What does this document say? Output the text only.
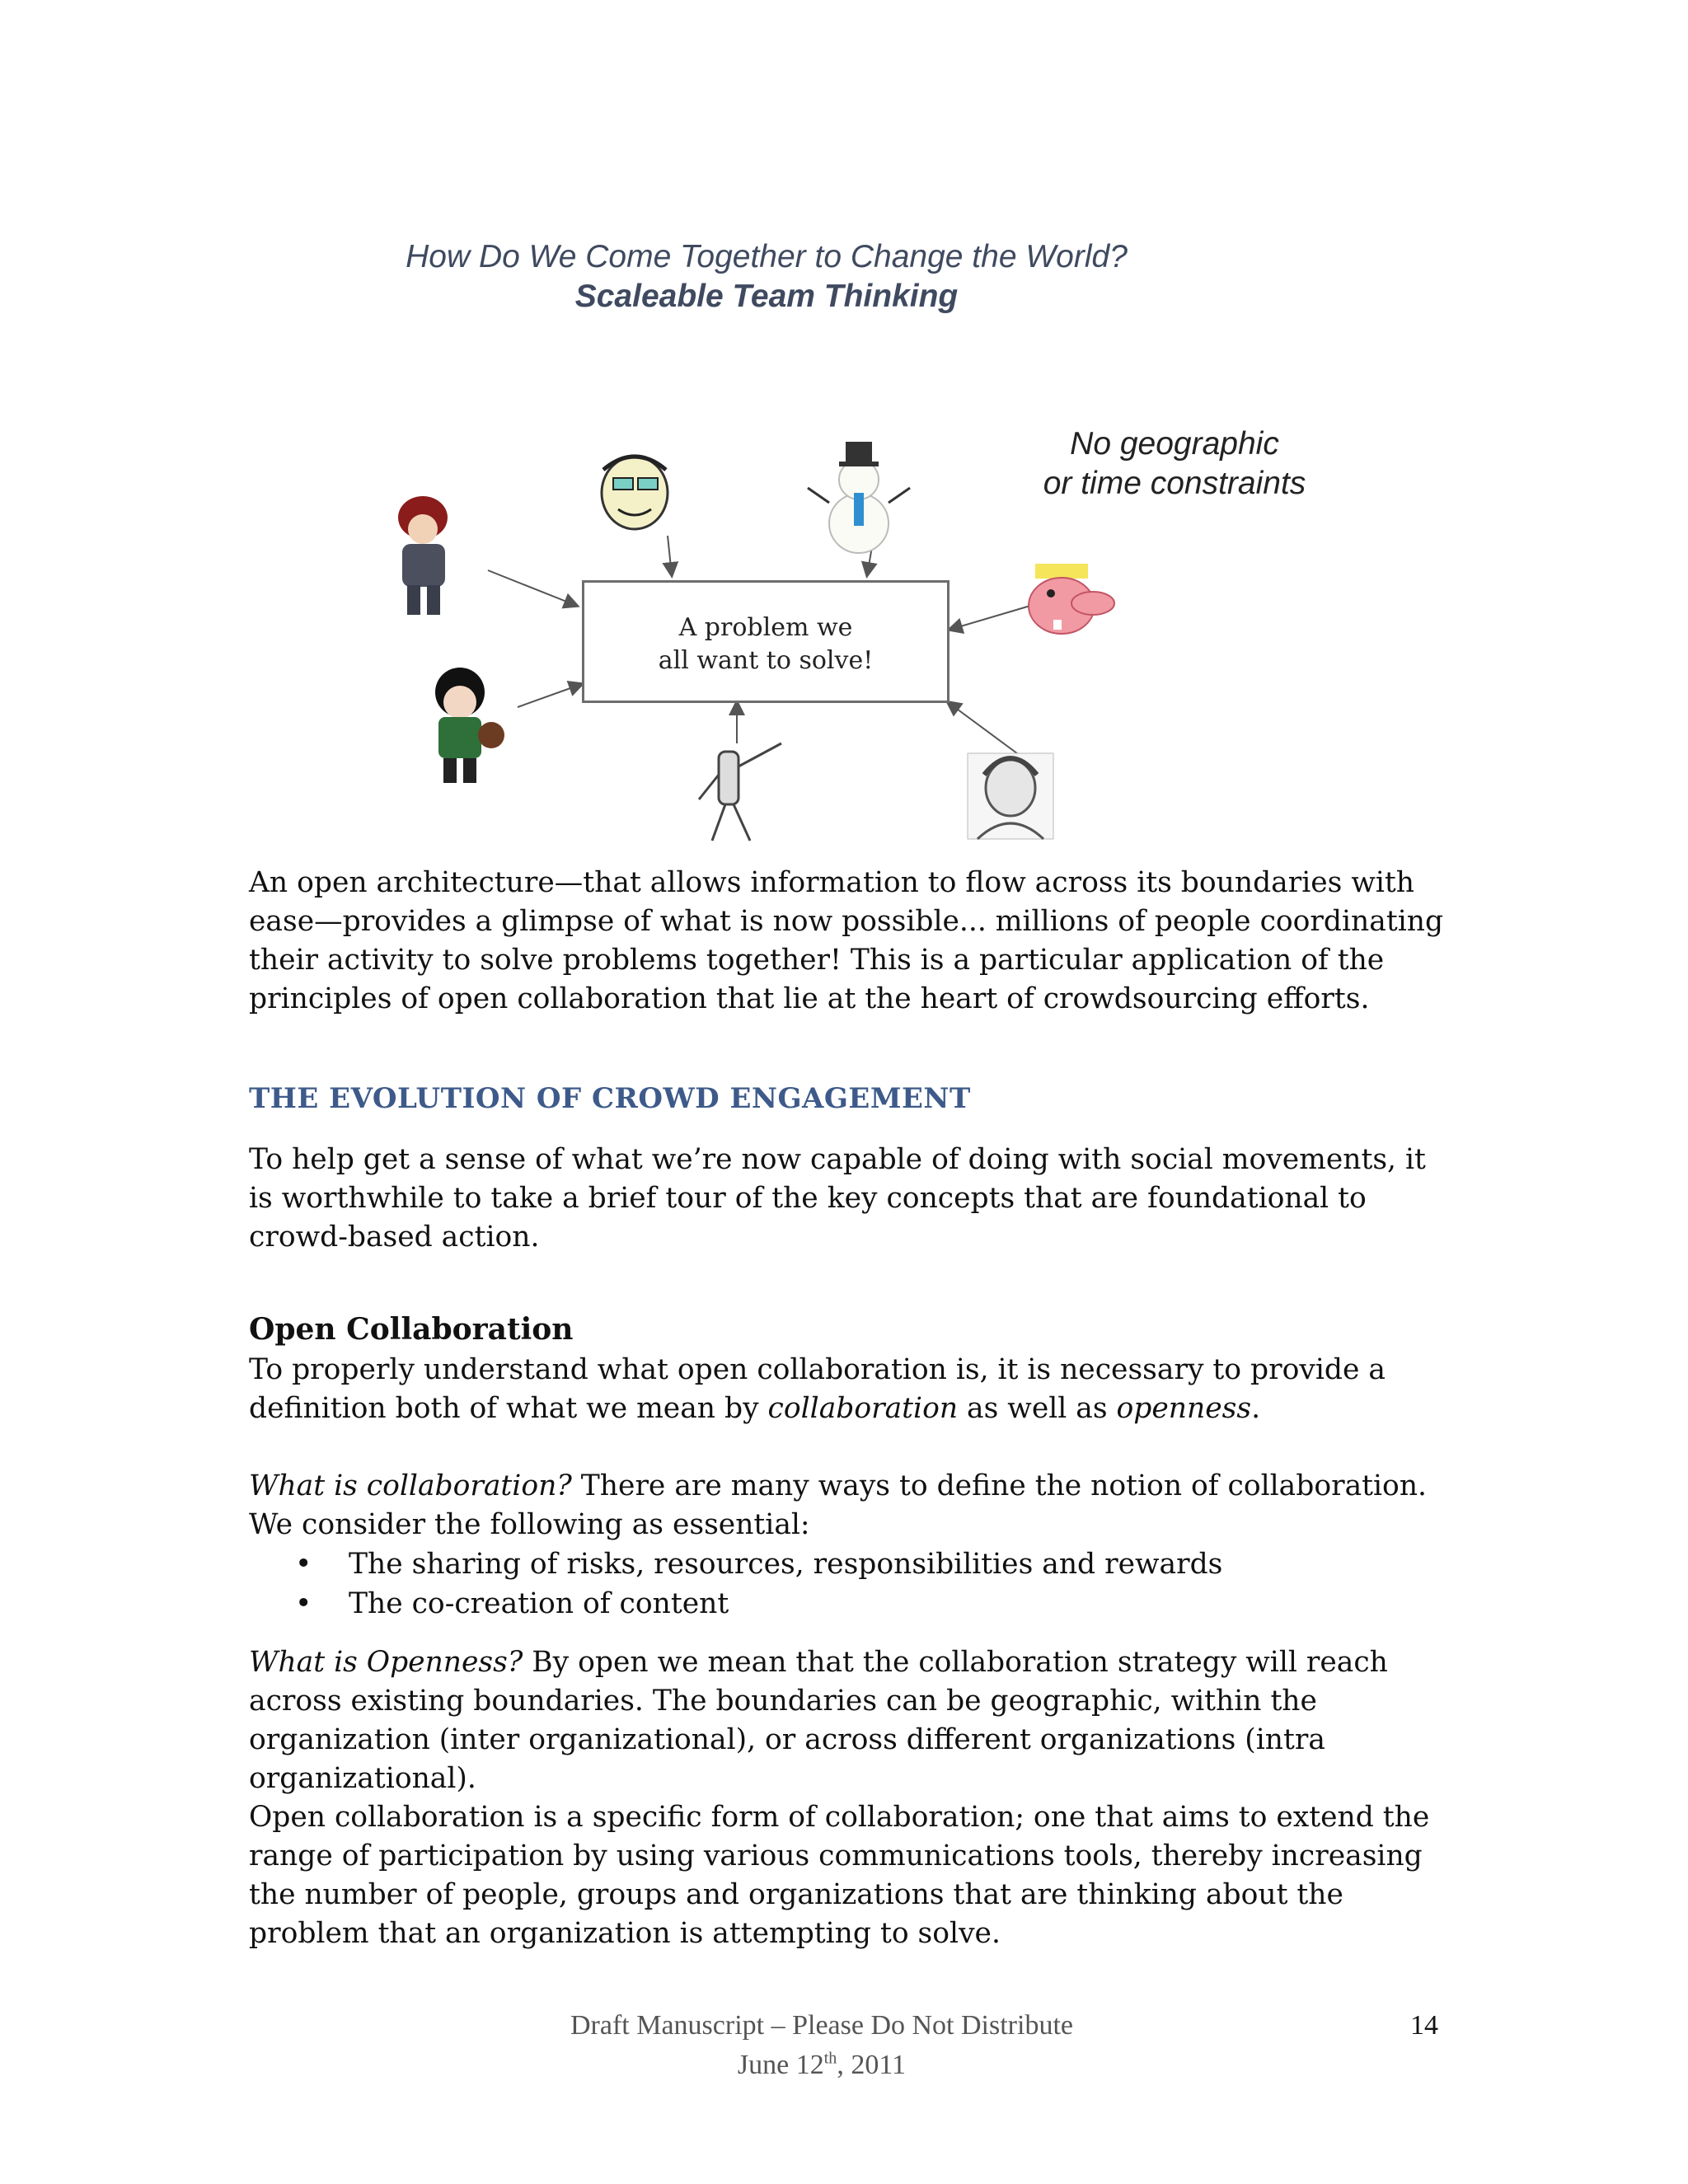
How Do We Come Together to Change the World?
Scaleable Team Thinking
No geographic
or time constraints
A problem we
all want to solve!
An open architecture—that allows information to flow across its boundaries with ease—provides a glimpse of what is now possible... millions of people coordinating their activity to solve problems together! This is a particular application of the principles of open collaboration that lie at the heart of crowdsourcing efforts.
THE EVOLUTION OF CROWD ENGAGEMENT
To help get a sense of what we’re now capable of doing with social movements, it is worthwhile to take a brief tour of the key concepts that are foundational to crowd-based action.
Open Collaboration
To properly understand what open collaboration is, it is necessary to provide a definition both of what we mean by collaboration as well as openness.
What is collaboration? There are many ways to define the notion of collaboration. We consider the following as essential:
• The sharing of risks, resources, responsibilities and rewards
• The co-creation of content
What is Openness? By open we mean that the collaboration strategy will reach across existing boundaries. The boundaries can be geographic, within the organization (inter organizational), or across different organizations (intra organizational).
Open collaboration is a specific form of collaboration; one that aims to extend the range of participation by using various communications tools, thereby increasing the number of people, groups and organizations that are thinking about the problem that an organization is attempting to solve.
Draft Manuscript – Please Do Not Distribute
June 12th, 2011
14
